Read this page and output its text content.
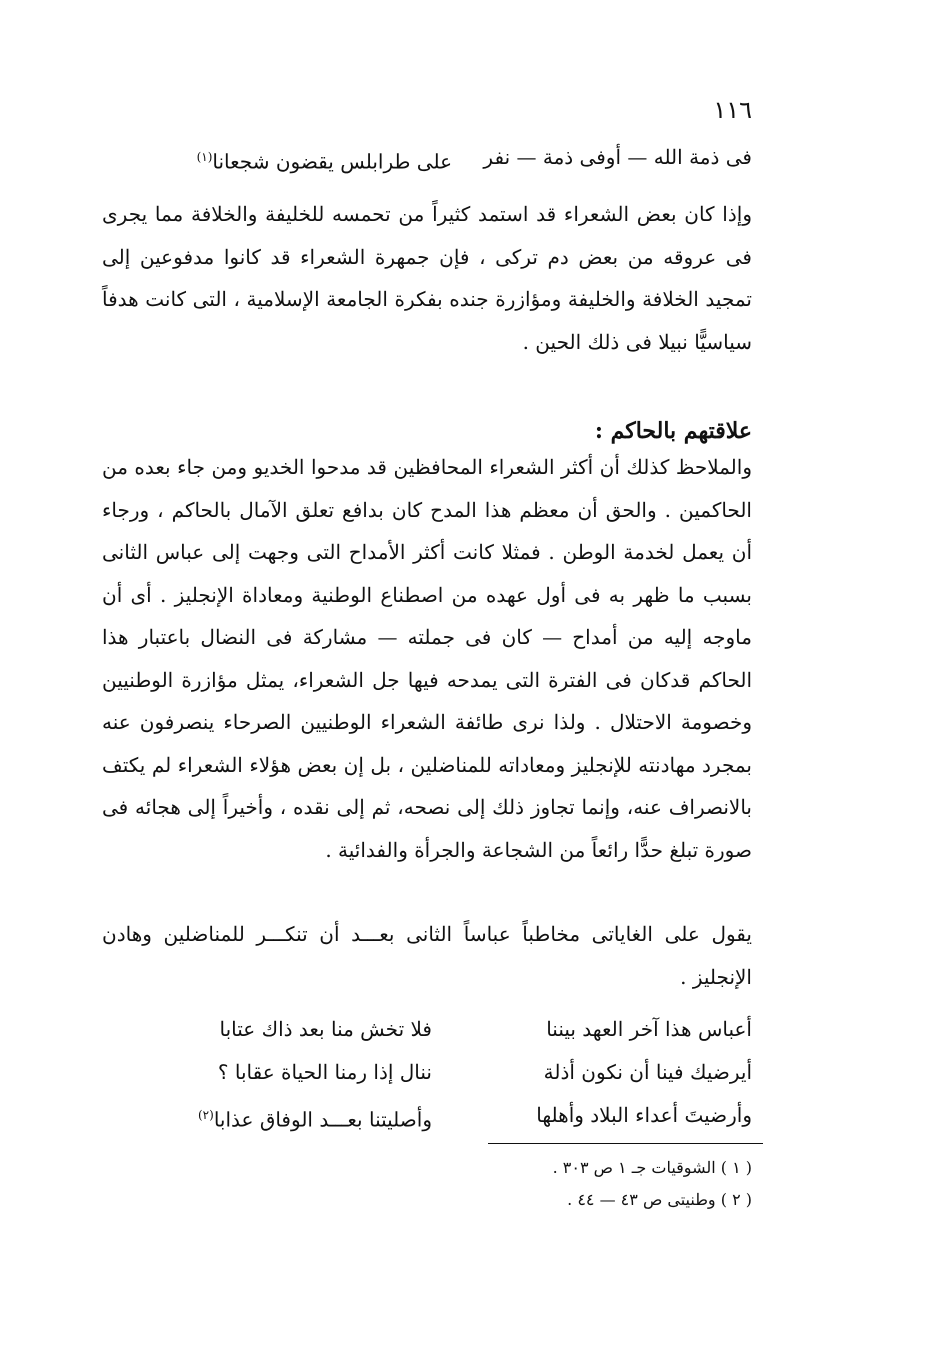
١١٦
فى ذمة الله — أوفى ذمة — نفر
على طرابلس يقضون شجعانا$^{(١)}$
وإذا كان بعض الشعراء قد استمد كثيراً من تحمسه للخليفة والخلافة مما يجرى فى عروقه من بعض دم تركى ، فإن جمهرة الشعراء قد كانوا مدفوعين إلى تمجيد الخلافة والخليفة ومؤازرة جنده بفكرة الجامعة الإسلامية ، التى كانت هدفاً سياسيًّا نبيلا فى ذلك الحين .
علاقتهم بالحاكم :
والملاحظ كذلك أن أكثر الشعراء المحافظين قد مدحوا الخديو ومن جاء بعده من الحاكمين . والحق أن معظم هذا المدح كان بدافع تعلق الآمال بالحاكم ، ورجاء أن يعمل لخدمة الوطن . فمثلا كانت أكثر الأمداح التى وجهت إلى عباس الثانى بسبب ما ظهر به فى أول عهده من اصطناع الوطنية ومعاداة الإنجليز . أى أن ماوجه إليه من أمداح — كان فى جملته — مشاركة فى النضال باعتبار هذا الحاكم قدكان فى الفترة التى يمدحه فيها جل الشعراء، يمثل مؤازرة الوطنيين وخصومة الاحتلال . ولذا نرى طائفة الشعراء الوطنيين الصرحاء ينصرفون عنه بمجرد مهادنته للإنجليز ومعاداته للمناضلين ، بل إن بعض هؤلاء الشعراء لم يكتف بالانصراف عنه، وإنما تجاوز ذلك إلى نصحه، ثم إلى نقده ، وأخيراً إلى هجائه فى صورة تبلغ حدًّا رائعاً من الشجاعة والجرأة والفدائية .
يقول على الغاياتى مخاطباً عباساً الثانى بعـــد أن تنكـــر للمناضلين وهادن الإنجليز .
أعباس هذا آخر العهد بيننا
فلا تخش منا بعد ذاك عتابا
أيرضيك فينا أن نكون أذلة
ننال إذا رمنا الحياة عقابا ؟
وأرضيتَ أعداء البلاد وأهلها
وأصليتنا بعـــد الوفاق عذابا$^{(٢)}$
( ١ ) الشوقيات جـ ١ ص ٣٠٣ .
( ٢ ) وطنيتى ص ٤٣ — ٤٤ .
